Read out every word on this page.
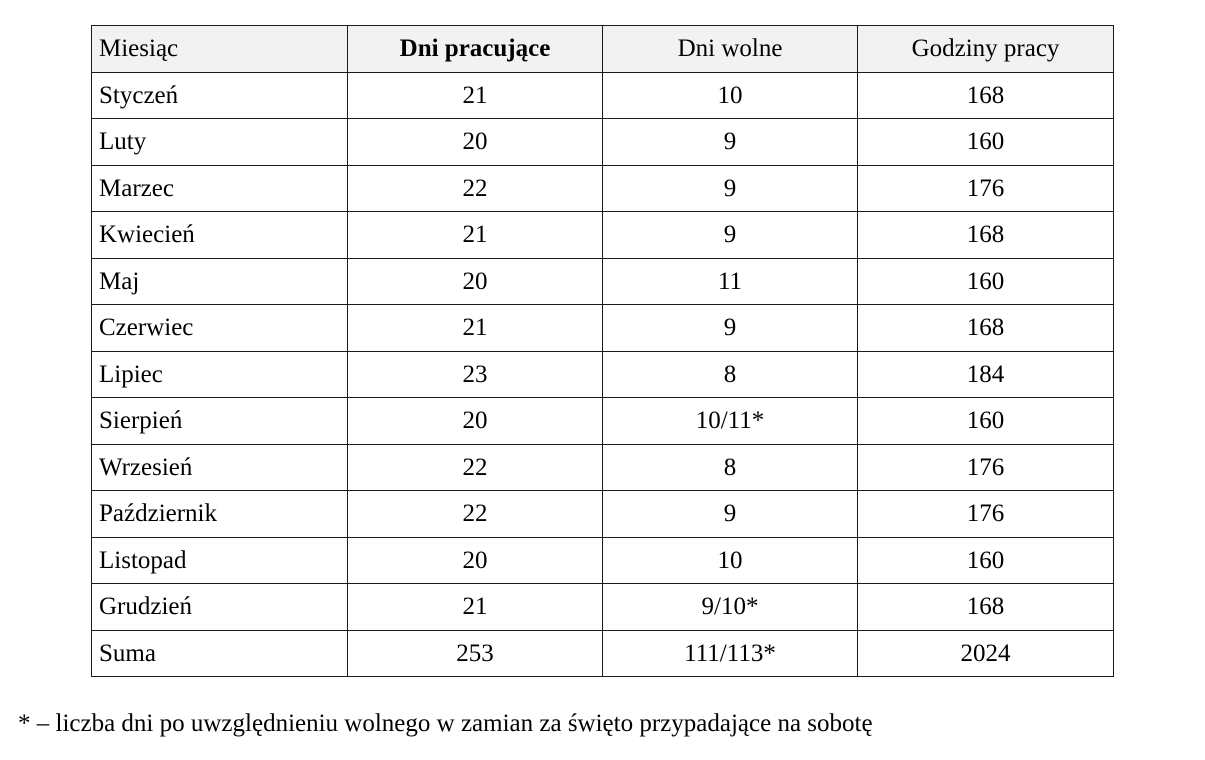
Miesiąc	Dni pracujące	Dni wolne	Godziny pracy
Styczeń	21	10	168
Luty	20	9	160
Marzec	22	9	176
Kwiecień	21	9	168
Maj	20	11	160
Czerwiec	21	9	168
Lipiec	23	8	184
Sierpień	20	10/11*	160
Wrzesień	22	8	176
Październik	22	9	176
Listopad	20	10	160
Grudzień	21	9/10*	168
Suma	253	111/113*	2024
* – liczba dni po uwzględnieniu wolnego w zamian za święto przypadające na sobotę
